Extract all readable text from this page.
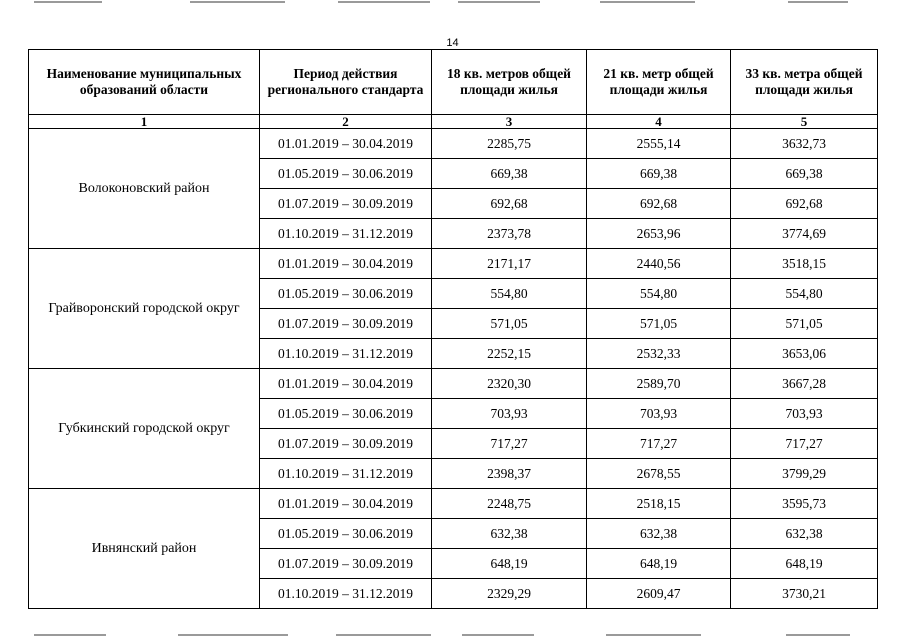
14
Наименование муниципальных образований области	Период действия регионального стандарта	18 кв. метров общей площади жилья	21 кв. метр общей площади жилья	33 кв. метра общей площади жилья
1	2	3	4	5
Волоконовский район	01.01.2019 – 30.04.2019	2285,75	2555,14	3632,73
	01.05.2019 – 30.06.2019	669,38	669,38	669,38
	01.07.2019 – 30.09.2019	692,68	692,68	692,68
	01.10.2019 – 31.12.2019	2373,78	2653,96	3774,69
Грайворонский городской округ	01.01.2019 – 30.04.2019	2171,17	2440,56	3518,15
	01.05.2019 – 30.06.2019	554,80	554,80	554,80
	01.07.2019 – 30.09.2019	571,05	571,05	571,05
	01.10.2019 – 31.12.2019	2252,15	2532,33	3653,06
Губкинский городской округ	01.01.2019 – 30.04.2019	2320,30	2589,70	3667,28
	01.05.2019 – 30.06.2019	703,93	703,93	703,93
	01.07.2019 – 30.09.2019	717,27	717,27	717,27
	01.10.2019 – 31.12.2019	2398,37	2678,55	3799,29
Ивнянский район	01.01.2019 – 30.04.2019	2248,75	2518,15	3595,73
	01.05.2019 – 30.06.2019	632,38	632,38	632,38
	01.07.2019 – 30.09.2019	648,19	648,19	648,19
	01.10.2019 – 31.12.2019	2329,29	2609,47	3730,21
